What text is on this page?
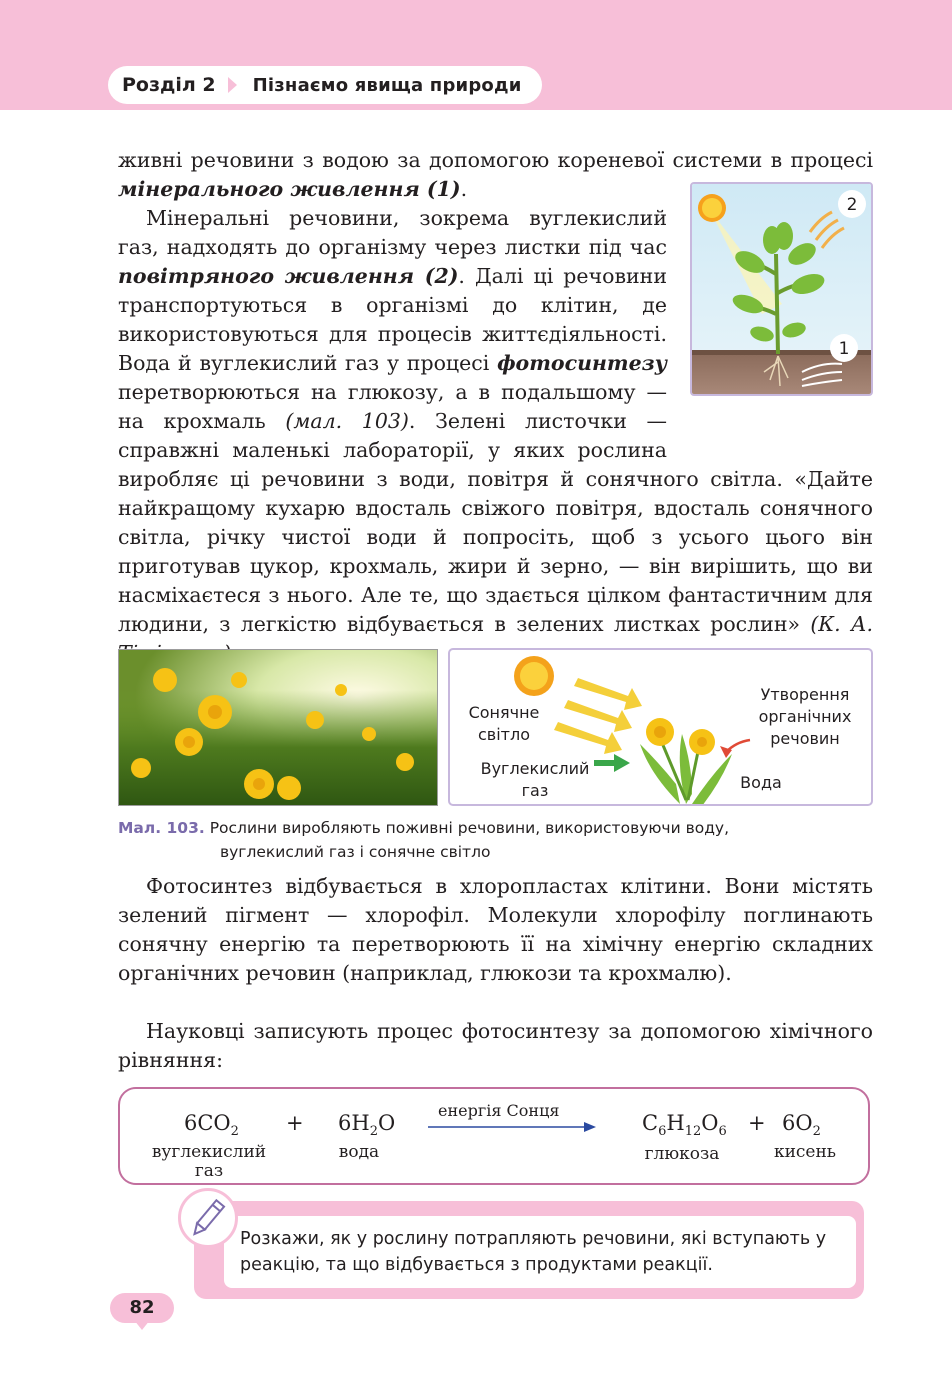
Розділ 2 Пізнаємо явища природи
живні речовини з водою за допомогою кореневої системи в процесі мінерального живлення (1).
Мінеральні речовини, зокрема вуглекислий газ, надходять до організму через листки під час повітряного живлення (2). Далі ці речовини транспортуються в організмі до клітин, де використовуються для процесів життєдіяльності. Вода й вуглекислий газ у процесі фотосинтезу перетворюються на глюкозу, а в подальшому — на крохмаль (мал. 103). Зелені листочки — справжні маленькі лабораторії, у яких рослина виробляє ці речовини з води, повітря й сонячного світла. «Дайте найкращому кухарю вдосталь свіжого повітря, вдосталь сонячного світла, річку чистої води й попросіть, щоб з усього цього він приготував цукор, крохмаль, жири й зерно, — він вирішить, що ви насміхаєтеся з нього. Але те, що здається цілком фантастичним для людини, з легкістю відбувається в зелених листках рослин» (К. А.
2
1
Сонячне
світло
Вуглекислий
газ
Утворення
органічних
речовин
Вода
Мал. 103. Рослини виробляють поживні речовини, використовуючи воду,
вуглекислий газ і сонячне світло
Фотосинтез відбувається в хлоропластах клітини. Вони містять зелений пігмент — хлорофіл. Молекули хлорофілу поглинають сонячну енергію та перетворюють її на хімічну енергію складних органічних речовин (наприклад, глюкози та крохмалю).
Науковці записують процес фотосинтезу за допомогою хімічного рівняння:
$6CO_2 + 6H_2O$
енергія Сонця
$C_6H_{12}O_6 + 6O_2$
вуглекислий
газ
вода	глюкоза	кисень
Розкажи, як у рослину потрапляють речовини, які вступають у реакцію, та що відбувається з продуктами реакції.
82
